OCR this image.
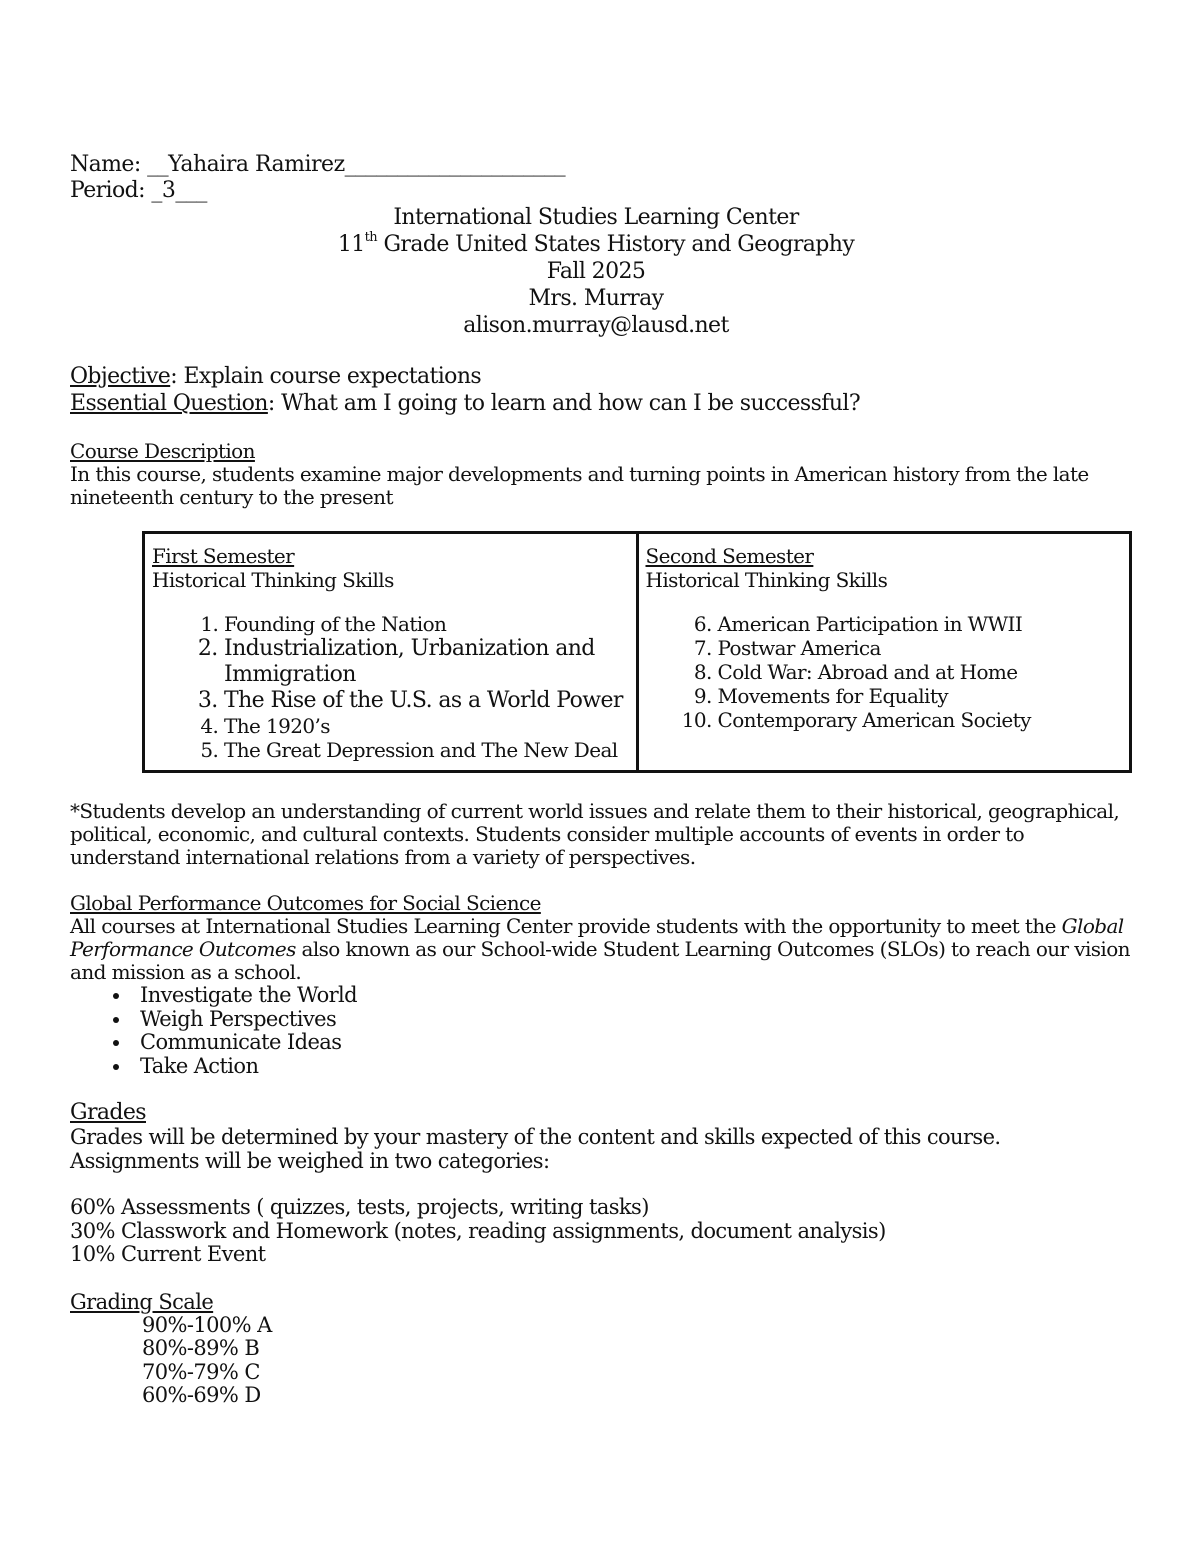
Name: __Yahaira Ramirez_____________________
Period: _3___
International Studies Learning Center
11th Grade United States History and Geography
Fall 2025
Mrs. Murray
alison.murray@lausd.net
Objective: Explain course expectations
Essential Question: What am I going to learn and how can I be successful?
Course Description
In this course, students examine major developments and turning points in American history from the late nineteenth century to the present
First Semester
Historical Thinking Skills
1. Founding of the Nation
2. Industrialization, Urbanization and Immigration
3. The Rise of the U.S. as a World Power
4. The 1920’s
5. The Great Depression and The New Deal

Second Semester
Historical Thinking Skills
6. American Participation in WWII
7. Postwar America
8. Cold War: Abroad and at Home
9. Movements for Equality
10. Contemporary American Society
*Students develop an understanding of current world issues and relate them to their historical, geographical, political, economic, and cultural contexts. Students consider multiple accounts of events in order to understand international relations from a variety of perspectives.
Global Performance Outcomes for Social Science
All courses at International Studies Learning Center provide students with the opportunity to meet the Global Performance Outcomes also known as our School-wide Student Learning Outcomes (SLOs) to reach our vision and mission as a school.
Investigate the World
Weigh Perspectives
Communicate Ideas
Take Action
Grades
Grades will be determined by your mastery of the content and skills expected of this course. Assignments will be weighed in two categories:
60% Assessments ( quizzes, tests, projects, writing tasks)
30% Classwork and Homework (notes, reading assignments, document analysis)
10% Current Event
Grading Scale
90%-100% A
80%-89% B
70%-79% C
60%-69% D
